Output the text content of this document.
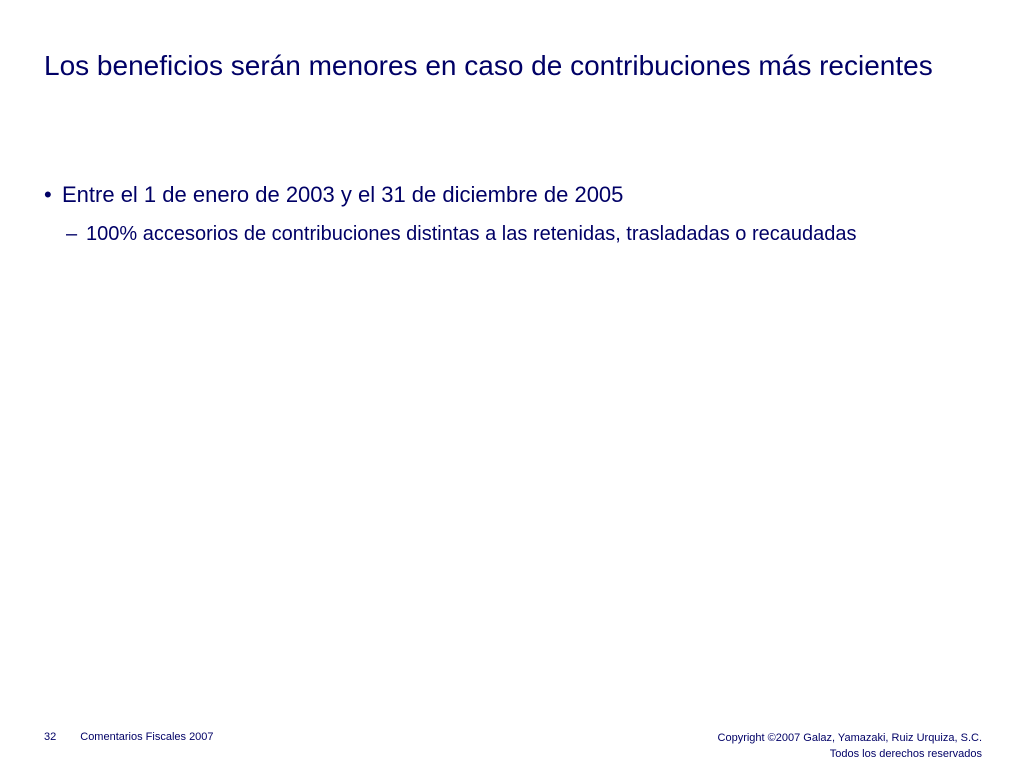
Los beneficios serán menores en caso de contribuciones más recientes
• Entre el 1 de enero de 2003 y el 31 de diciembre de 2005
– 100% accesorios de contribuciones distintas a las retenidas, trasladadas o recaudadas
32 Comentarios Fiscales 2007	Copyright ©2007 Galaz, Yamazaki, Ruiz Urquiza, S.C.
Todos los derechos reservados
